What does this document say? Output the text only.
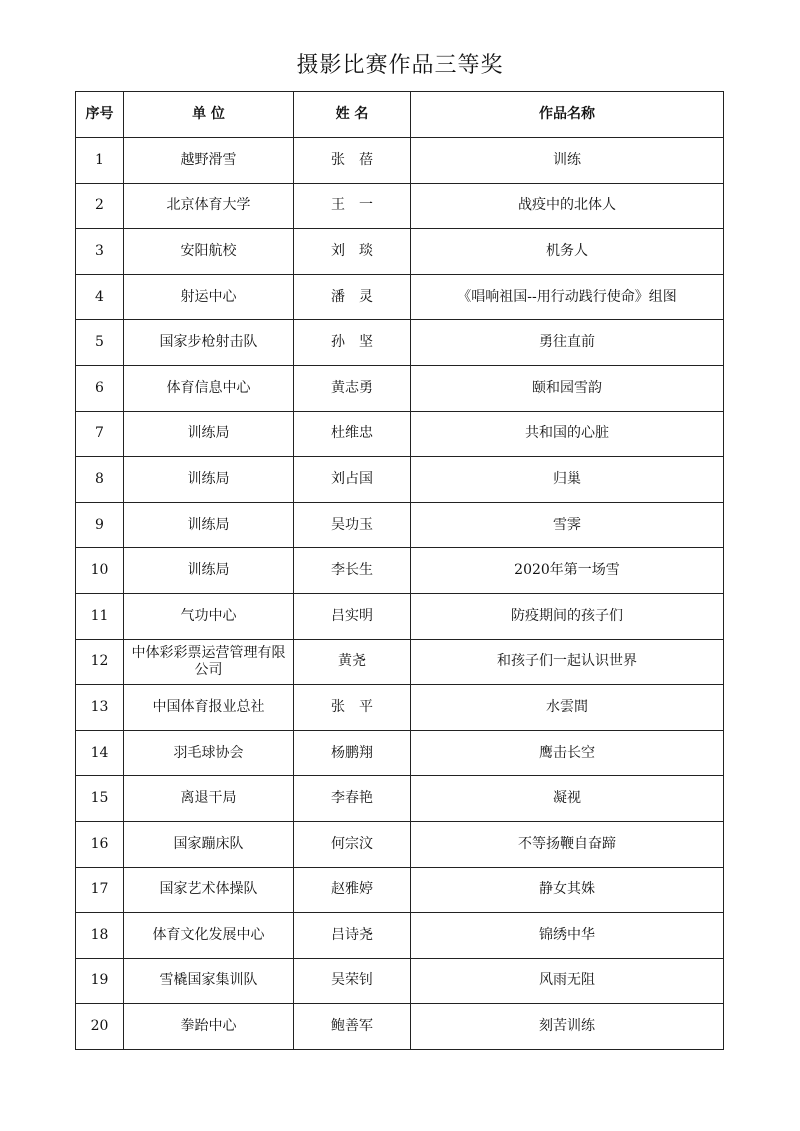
摄影比赛作品三等奖
序号	单 位	姓 名	作品名称
1	越野滑雪	张　蓓	训练
2	北京体育大学	王　一	战疫中的北体人
3	安阳航校	刘　琰	机务人
4	射运中心	潘　灵	《唱响祖国--用行动践行使命》组图
5	国家步枪射击队	孙　坚	勇往直前
6	体育信息中心	黄志勇	颐和园雪韵
7	训练局	杜维忠	共和国的心脏
8	训练局	刘占国	归巢
9	训练局	吴功玉	雪霁
10	训练局	李长生	2020年第一场雪
11	气功中心	吕实明	防疫期间的孩子们
12	中体彩彩票运营管理有限公司	黄尧	和孩子们一起认识世界
13	中国体育报业总社	张　平	水雲間
14	羽毛球协会	杨鹏翔	鹰击长空
15	离退干局	李春艳	凝视
16	国家蹦床队	何宗汶	不等扬鞭自奋蹄
17	国家艺术体操队	赵雅婷	静女其姝
18	体育文化发展中心	吕诗尧	锦绣中华
19	雪橇国家集训队	吴荣钊	风雨无阻
20	拳跆中心	鲍善军	刻苦训练
